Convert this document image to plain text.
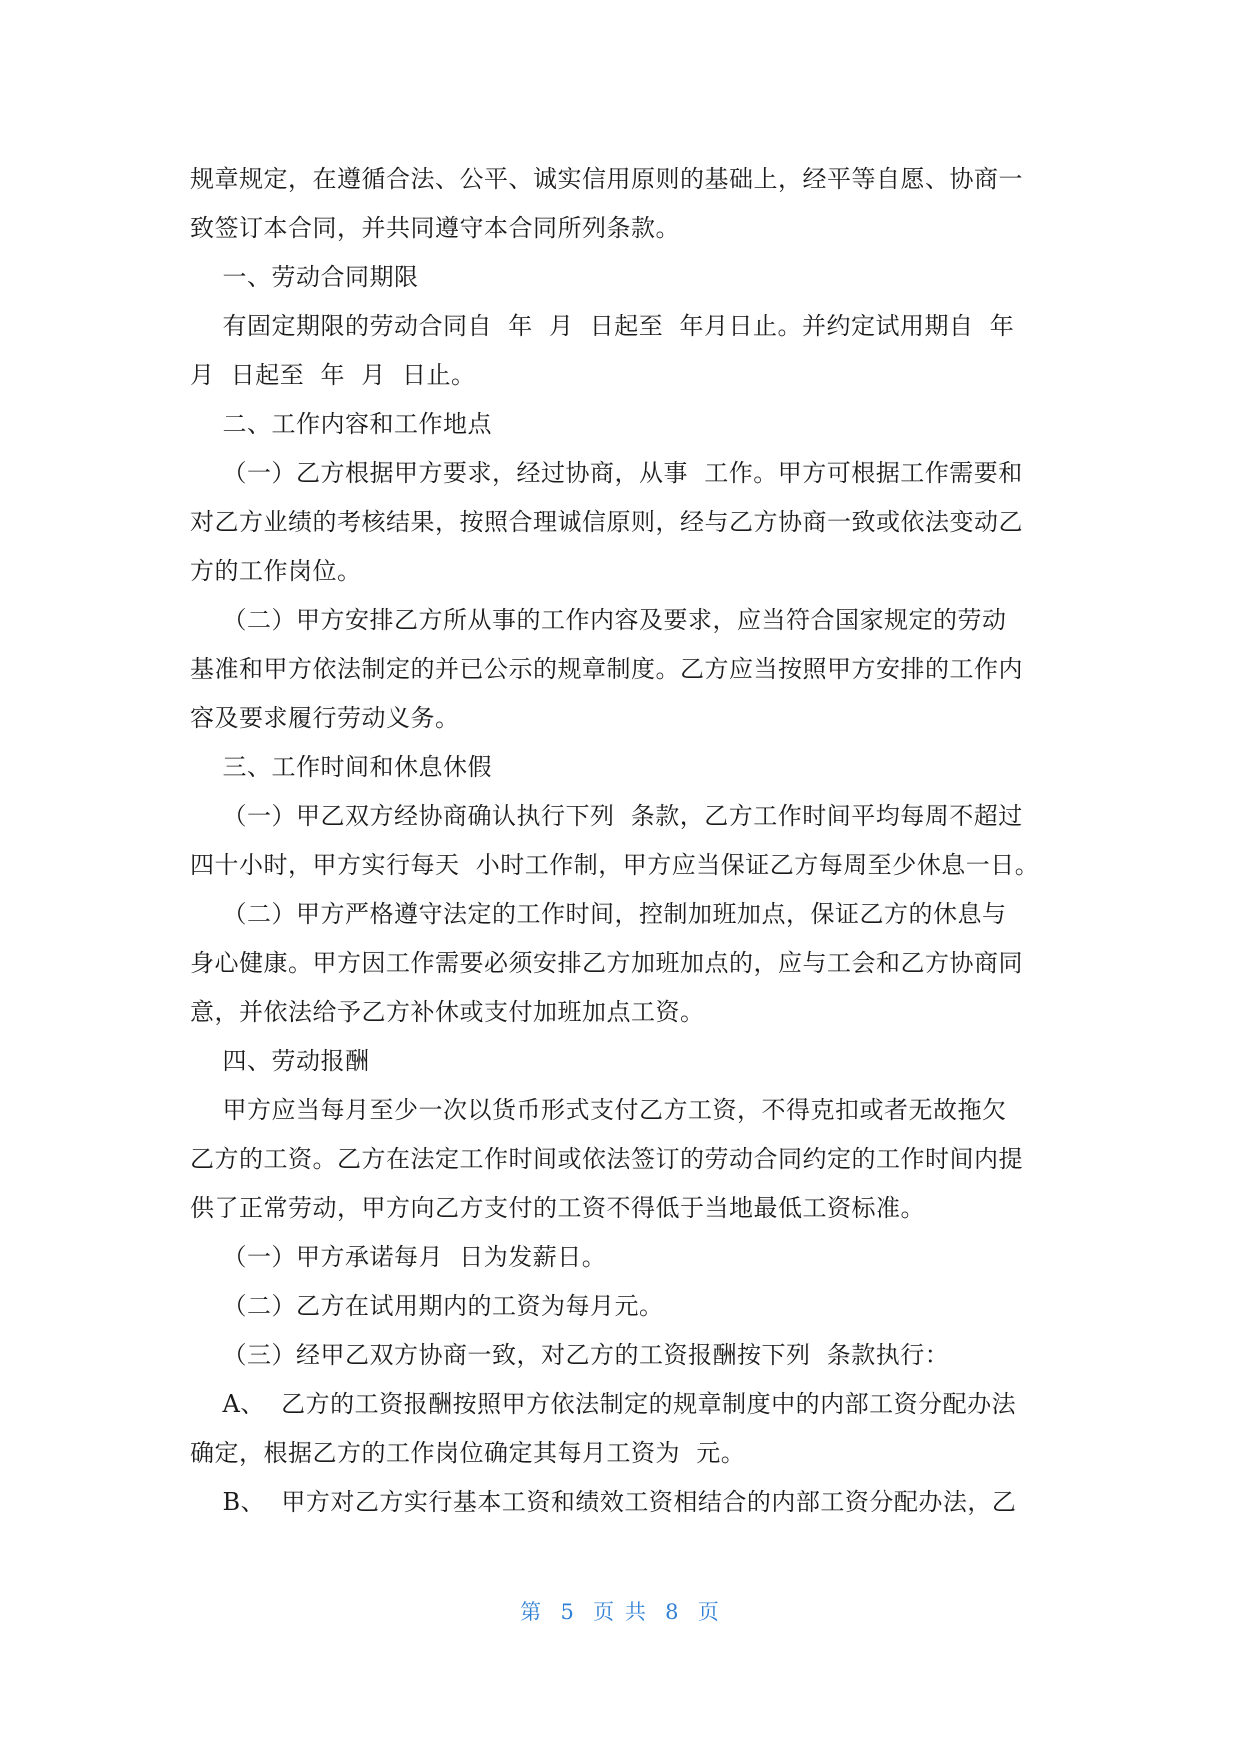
规章规定，在遵循合法、公平、诚实信用原则的基础上，经平等自愿、协商一
致签订本合同，并共同遵守本合同所列条款。
一、劳动合同期限
有固定期限的劳动合同自  年  月  日起至  年月日止。并约定试用期自  年
月  日起至  年  月  日止。
二、工作内容和工作地点
（一）乙方根据甲方要求，经过协商，从事  工作。甲方可根据工作需要和
对乙方业绩的考核结果，按照合理诚信原则，经与乙方协商一致或依法变动乙
方的工作岗位。
（二）甲方安排乙方所从事的工作内容及要求，应当符合国家规定的劳动
基准和甲方依法制定的并已公示的规章制度。乙方应当按照甲方安排的工作内
容及要求履行劳动义务。
三、工作时间和休息休假
（一）甲乙双方经协商确认执行下列  条款，乙方工作时间平均每周不超过
四十小时，甲方实行每天  小时工作制，甲方应当保证乙方每周至少休息一日。
（二）甲方严格遵守法定的工作时间，控制加班加点，保证乙方的休息与
身心健康。甲方因工作需要必须安排乙方加班加点的，应与工会和乙方协商同
意，并依法给予乙方补休或支付加班加点工资。
四、劳动报酬
甲方应当每月至少一次以货币形式支付乙方工资，不得克扣或者无故拖欠
乙方的工资。乙方在法定工作时间或依法签订的劳动合同约定的工作时间内提
供了正常劳动，甲方向乙方支付的工资不得低于当地最低工资标准。
（一）甲方承诺每月  日为发薪日。
（二）乙方在试用期内的工资为每月元。
（三）经甲乙双方协商一致，对乙方的工资报酬按下列  条款执行：
A、  乙方的工资报酬按照甲方依法制定的规章制度中的内部工资分配办法
确定，根据乙方的工作岗位确定其每月工资为  元。
B、  甲方对乙方实行基本工资和绩效工资相结合的内部工资分配办法，乙
第  5  页 共  8  页
